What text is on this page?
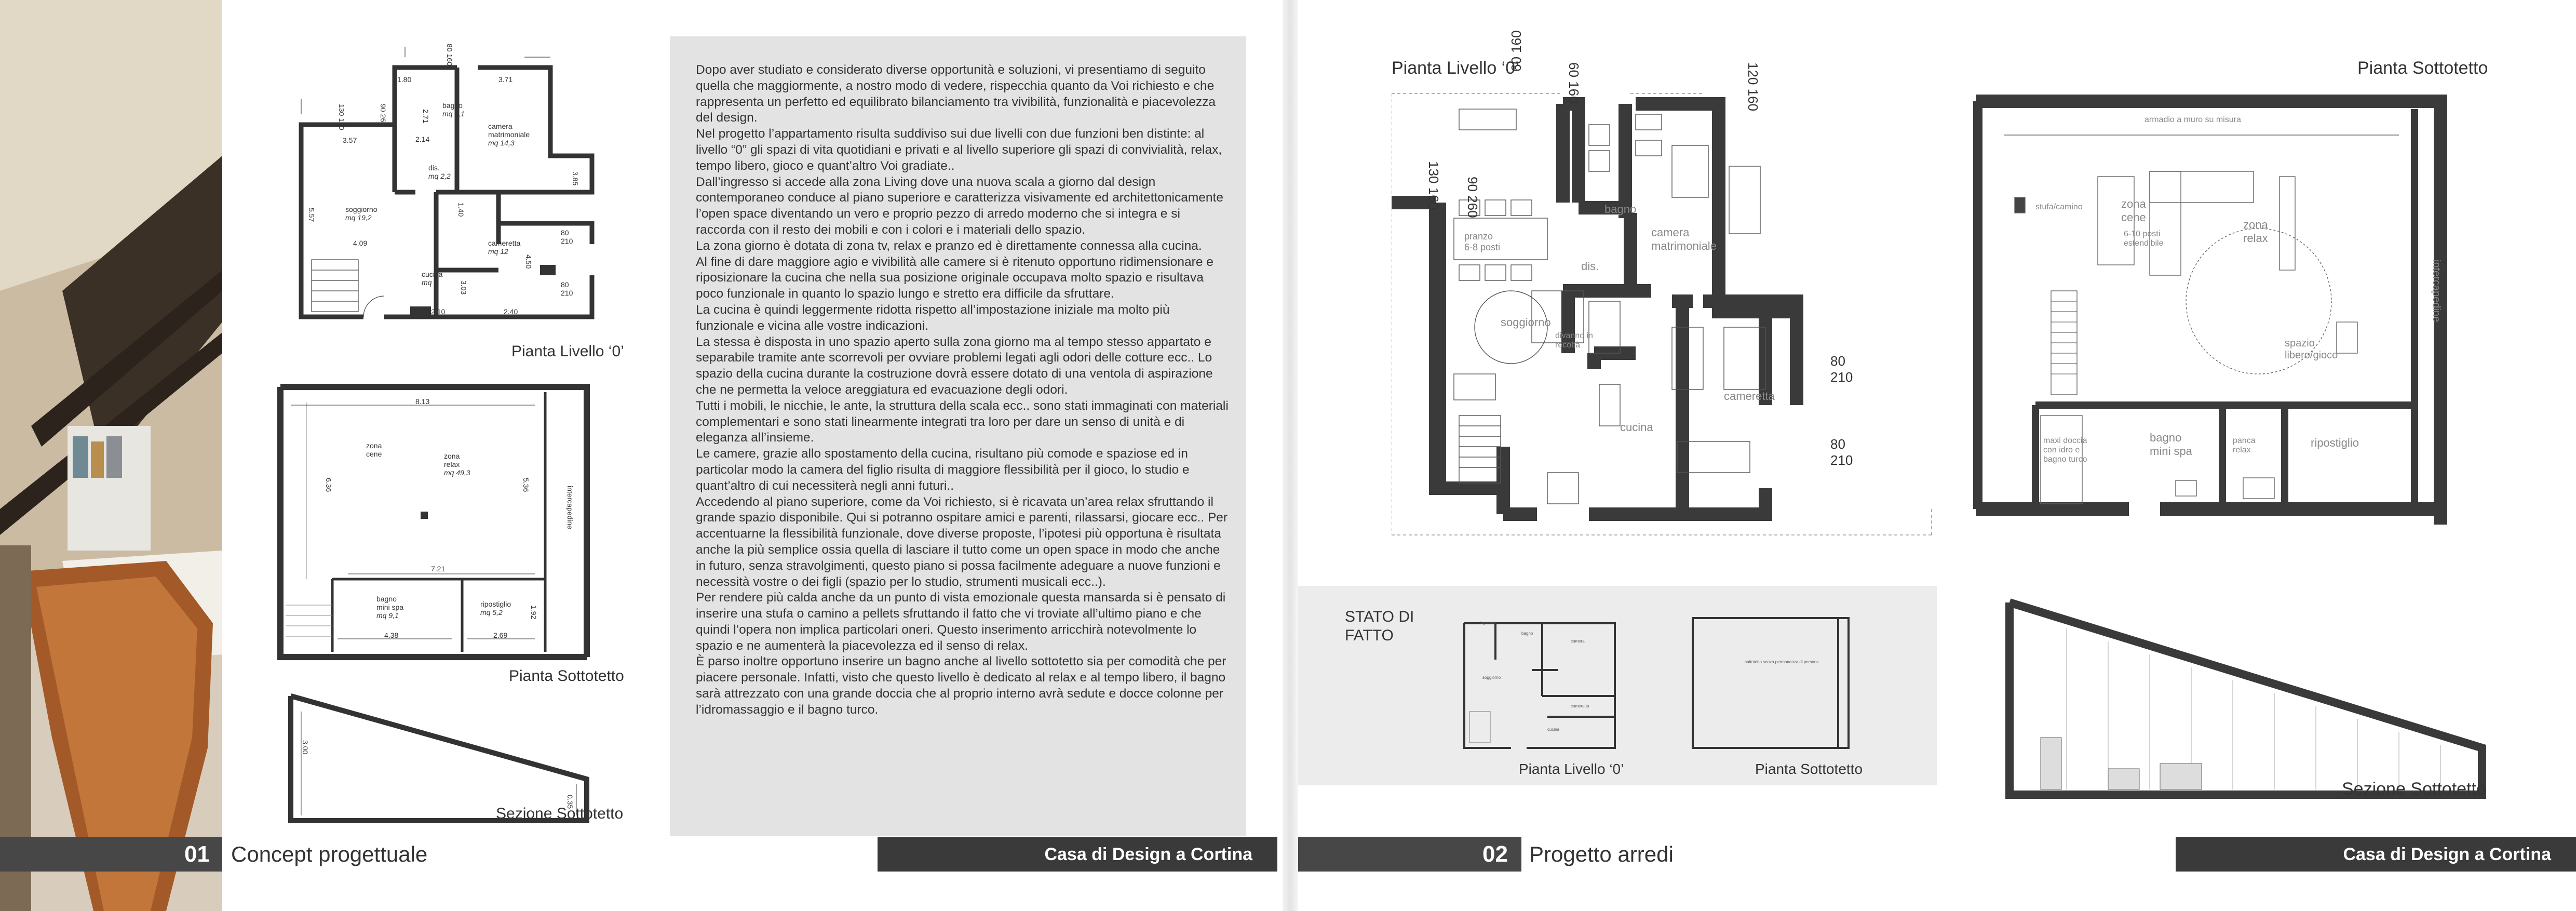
1.80	3.71
80 160
130 160	90 260
3.57
2.71
2.14
5.57	1.40
4.09
3.85
80
210
4.50
3.03	80
210
2.10	2.40
bagno
mq 5,1
camera
matrimoniale
mq 14,3
dis.
mq 2,2
soggiorno
mq 19,2
cameretta
mq 12
cucina
mq 6
Pianta Livello ‘0’
8.13
6.36	5.36
7.21
4.38	2.69
1.92
zona
cene	zona
relax
mq 49,3
bagno
mini spa
mq 9,1
ripostiglio
mq 5,2
intercapedine
Pianta Sottotetto
3.00
0.35
Sezione Sottotetto

Dopo aver studiato e considerato diverse opportunità e soluzioni, vi presentiamo di seguito quella che maggiormente, a nostro modo di vedere, rispecchia quanto da Voi richiesto e che rappresenta un perfetto ed equilibrato bilanciamento tra vivibilità, funzionalità e piacevolezza del design.

Nel progetto l’appartamento risulta suddiviso sui due livelli con due funzioni ben distinte: al livello “0” gli spazi di vita quotidiani e privati e al livello superiore gli spazi di convivialità, relax, tempo libero, gioco e quant’altro Voi gradiate..

Dall’ingresso si accede alla zona Living dove una nuova scala a giorno dal design contemporaneo conduce al piano superiore e caratterizza visivamente ed architettonicamente l’open space diventando un vero e proprio pezzo di arredo moderno che si integra e si raccorda con il resto dei mobili e con i colori e i materiali dello spazio.

La zona giorno è dotata di zona tv, relax e pranzo ed è direttamente connessa alla cucina.

Al fine di dare maggiore agio e vivibilità alle camere si è ritenuto opportuno ridimensionare e riposizionare la cucina che nella sua posizione originale occupava molto spazio e risultava poco funzionale in quanto lo spazio lungo e stretto era difficile da sfruttare.

La cucina è quindi leggermente ridotta rispetto all’impostazione iniziale ma molto più funzionale e vicina alle vostre indicazioni.

La stessa è disposta in uno spazio aperto sulla zona giorno ma al tempo stesso appartato e separabile tramite ante scorrevoli per ovviare problemi legati agli odori delle cotture ecc.. Lo spazio della cucina durante la costruzione dovrà essere dotato di una ventola di aspirazione che ne permetta la veloce areggiatura ed evacuazione degli odori.

Tutti i mobili, le nicchie, le ante, la struttura della scala ecc.. sono stati immaginati con materiali complementari e sono stati linearmente integrati tra loro per dare un senso di unità e di eleganza all’insieme.

Le camere, grazie allo spostamento della cucina, risultano più comode e spaziose ed in particolar modo la camera del figlio risulta di maggiore flessibilità per il gioco, lo studio e quant’altro di cui necessiterà negli anni futuri..

Accedendo al piano superiore, come da Voi richiesto, si è ricavata un’area relax sfruttando il grande spazio disponibile. Qui si potranno ospitare amici e parenti, rilassarsi, giocare ecc.. Per accentuarne la flessibilità funzionale, dove diverse proposte, l’ipotesi più opportuna è risultata anche la più semplice ossia quella di lasciare il tutto come un open space in modo che anche in futuro, senza stravolgimenti, questo piano si possa facilmente adeguare a nuove funzioni e necessità vostre o dei figli (spazio per lo studio, strumenti musicali ecc..).

Per rendere più calda anche da un punto di vista emozionale questa mansarda si è pensato di inserire una stufa o camino a pellets sfruttando il fatto che vi troviate all’ultimo piano e che quindi l’opera non implica particolari oneri. Questo inserimento arricchirà notevolmente lo spazio e ne aumenterà la piacevolezza ed il senso di relax.

È parso inoltre opportuno inserire un bagno anche al livello sottotetto sia per comodità che per piacere personale. Infatti, visto che questo livello è dedicato al relax e al tempo libero, il bagno sarà attrezzato con una grande doccia che al proprio interno avrà sedute e docce colonne per l’idromassaggio e il bagno turco.

01 Concept progettuale	Casa di Design a Cortina
Pianta Livello ‘0’
60 160
120 160
60 160
130 160 90 260
80
210
80
210
pranzo
6-8 posti
bagno
camera
matrimoniale
dis.
soggiorno
divanno in
recoltà
cameretta
cucina
Pianta Sottotetto
armadio a muro su misura
stufa/camino	zona
cene
6-10 posti
estendibile
zona
relax
spazio
libero/gioco
intercapedine
maxi doccia
con idro e
bagno turco
bagno
mini spa
panca
relax
ripostiglio
STATO DI
FATTO
ingresso
bagno
camera
soggiorno
cameretta
cucina
Pianta Livello ‘0’
sottotetto senza permanenza di persone
Pianta Sottotetto
Sezione Sottotetto
02 Progetto arredi	Casa di Design a Cortina
